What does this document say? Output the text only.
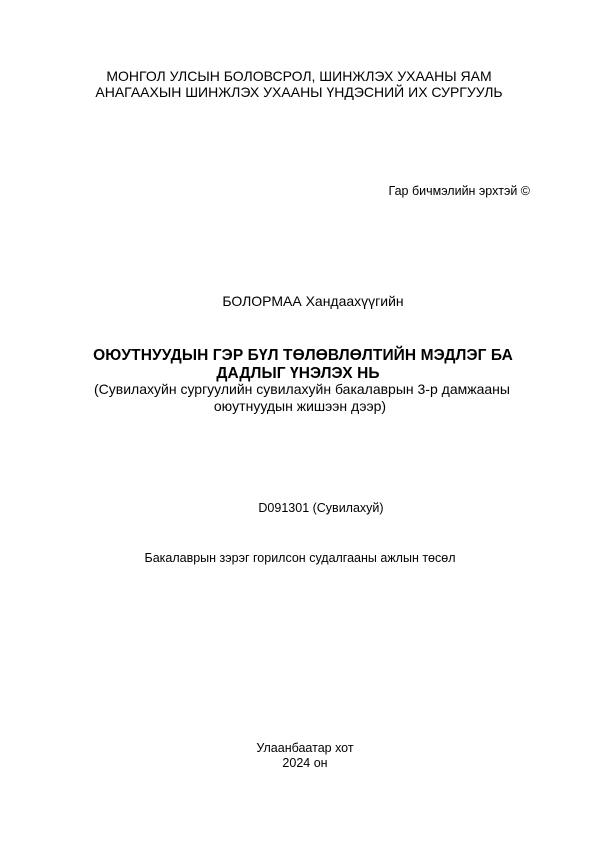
МОНГОЛ УЛСЫН БОЛОВСРОЛ, ШИНЖЛЭХ УХААНЫ ЯАМ
АНАГААХЫН ШИНЖЛЭХ УХААНЫ ҮНДЭСНИЙ ИХ СУРГУУЛЬ
Гар бичмэлийн эрхтэй ©
БОЛОРМАА Хандаахүүгийн
ОЮУТНУУДЫН ГЭР БҮЛ ТӨЛӨВЛӨЛТИЙН МЭДЛЭГ БА
ДАДЛЫГ ҮНЭЛЭХ НЬ
(Сувилахуйн сургуулийн сувилахуйн бакалаврын 3-р дамжааны
оюутнуудын жишээн дээр)
D091301 (Сувилахуй)
Бакалаврын зэрэг горилсон судалгааны ажлын төсөл
Улаанбаатар хот
2024 он
